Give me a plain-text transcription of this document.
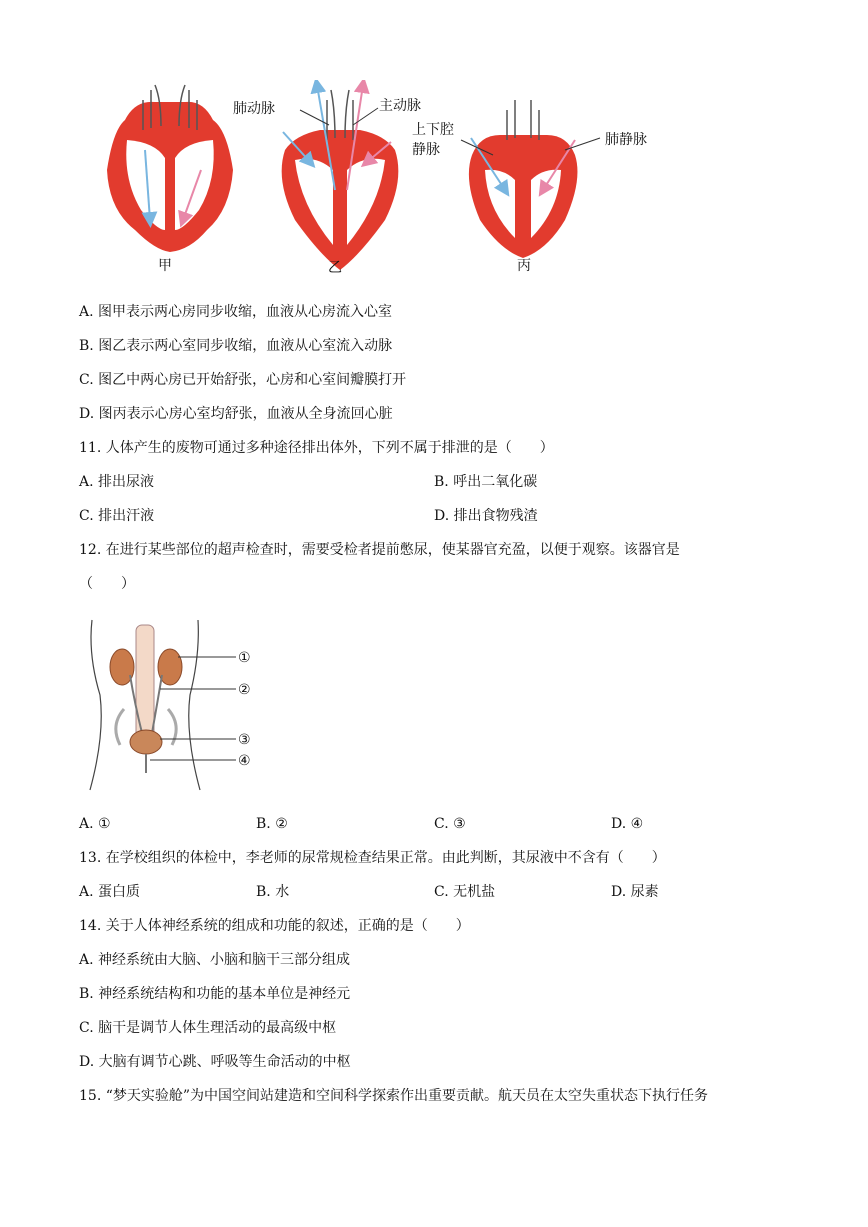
甲	乙	丙
肺动脉	主动脉
上下腔
静脉
肺静脉
A. 图甲表示两心房同步收缩，血液从心房流入心室
B. 图乙表示两心室同步收缩，血液从心室流入动脉
C. 图乙中两心房已开始舒张，心房和心室间瓣膜打开
D. 图丙表示心房心室均舒张，血液从全身流回心脏
11. 人体产生的废物可通过多种途径排出体外，下列不属于排泄的是（　　）
A. 排出尿液	B. 呼出二氧化碳
C. 排出汗液	D. 排出食物残渣
12. 在进行某些部位的超声检查时，需要受检者提前憋尿，使某器官充盈，以便于观察。该器官是
（　　）
①
②
③
④
A. ①	B. ②	C. ③	D. ④
13. 在学校组织的体检中，李老师的尿常规检查结果正常。由此判断，其尿液中不含有（　　）
A. 蛋白质	B. 水	C. 无机盐	D. 尿素
14. 关于人体神经系统的组成和功能的叙述，正确的是（　　）
A. 神经系统由大脑、小脑和脑干三部分组成
B. 神经系统结构和功能的基本单位是神经元
C. 脑干是调节人体生理活动的最高级中枢
D. 大脑有调节心跳、呼吸等生命活动的中枢
15. “梦天实验舱”为中国空间站建造和空间科学探索作出重要贡献。航天员在太空失重状态下执行任务
